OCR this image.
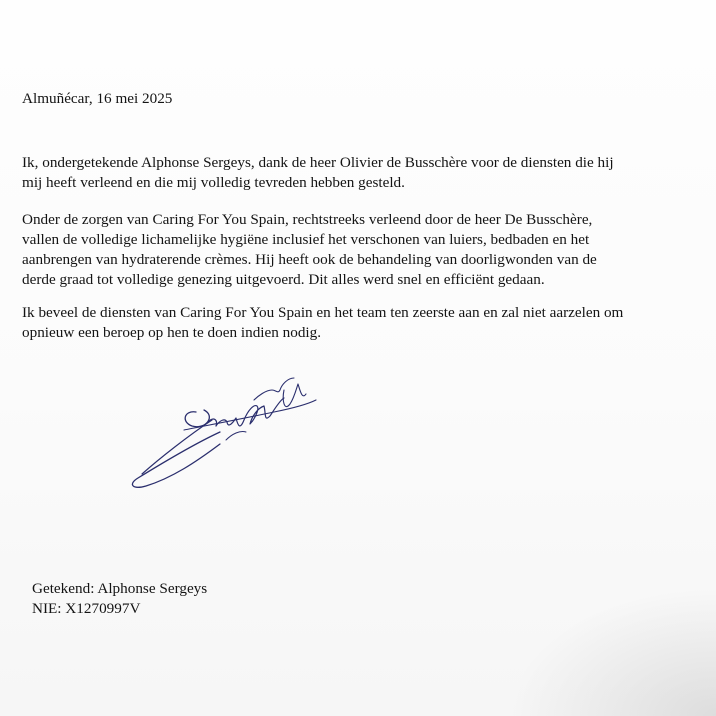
Almuñécar, 16 mei 2025

Ik, ondergetekende Alphonse Sergeys, dank de heer Olivier de Busschère voor de diensten die hij
mij heeft verleend en die mij volledig tevreden hebben gesteld.

Onder de zorgen van Caring For You Spain, rechtstreeks verleend door de heer De Busschère,
vallen de volledige lichamelijke hygiëne inclusief het verschonen van luiers, bedbaden en het
aanbrengen van hydraterende crèmes. Hij heeft ook de behandeling van doorligwonden van de
derde graad tot volledige genezing uitgevoerd. Dit alles werd snel en efficiënt gedaan.

Ik beveel de diensten van Caring For You Spain en het team ten zeerste aan en zal niet aarzelen om
opnieuw een beroep op hen te doen indien nodig.

Getekend: Alphonse Sergeys
NIE: X1270997V
